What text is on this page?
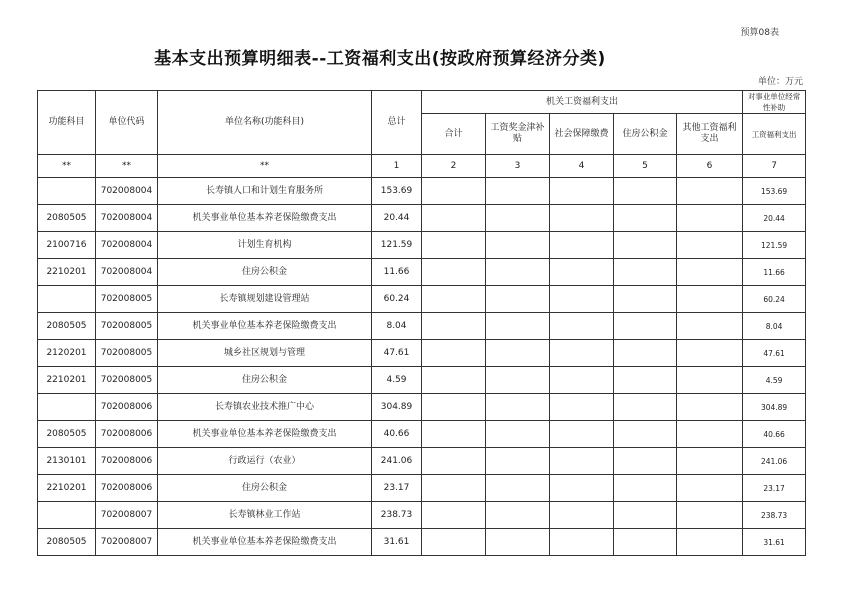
预算08表
基本支出预算明细表--工资福利支出(按政府预算经济分类)
单位：万元
功能科目	单位代码	单位名称(功能科目)	总计	机关工资福利支出					对事业单位经常性补助
				合计	工资奖金津补贴	社会保障缴费	住房公积金	其他工资福利支出	工资福利支出
**	**	**	1	2	3	4	5	6	7
	702008004	长寿镇人口和计划生育服务所	153.69						153.69
2080505	702008004	机关事业单位基本养老保险缴费支出	20.44						20.44
2100716	702008004	计划生育机构	121.59						121.59
2210201	702008004	住房公积金	11.66						11.66
	702008005	长寿镇规划建设管理站	60.24						60.24
2080505	702008005	机关事业单位基本养老保险缴费支出	8.04						8.04
2120201	702008005	城乡社区规划与管理	47.61						47.61
2210201	702008005	住房公积金	4.59						4.59
	702008006	长寿镇农业技术推广中心	304.89						304.89
2080505	702008006	机关事业单位基本养老保险缴费支出	40.66						40.66
2130101	702008006	行政运行（农业）	241.06						241.06
2210201	702008006	住房公积金	23.17						23.17
	702008007	长寿镇林业工作站	238.73						238.73
2080505	702008007	机关事业单位基本养老保险缴费支出	31.61						31.61
